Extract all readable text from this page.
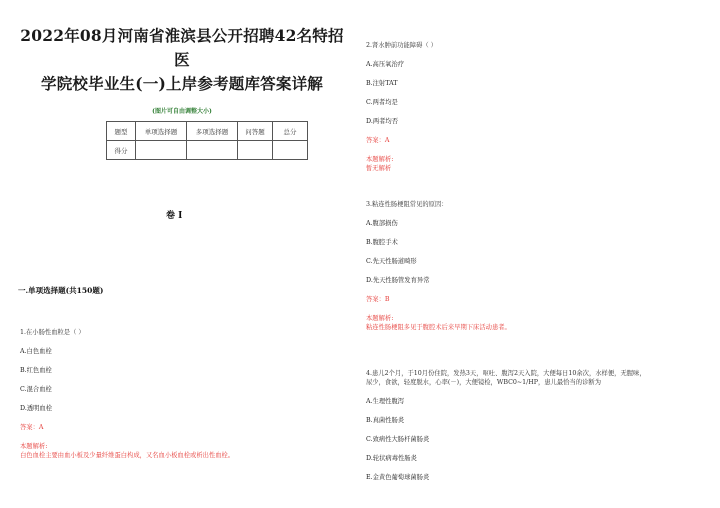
2022年08月河南省淮滨县公开招聘42名特招医
学院校毕业生(一)上岸参考题库答案详解
(图片可自由调整大小)
题型	单项选择题	多项选择题	问答题	总分
得分				
卷 I
一.单项选择题(共150题)

1.在小肠性血粒是（ ）

A.白色血栓

B.红色血栓

C.混合血栓

D.透明血栓

答案：A

本题解析:

白色血栓主要由血小板及少量纤维蛋白构成，又名血小板血栓或析出性血栓。

2.肾水肿前功能障碍（ ）

A.高压氧治疗

B.注射TAT

C.两者均是

D.两者均否

答案：A

本题解析:

暂无解析

3.粘连性肠梗阻常见的原因：

A.腹部损伤

B.腹腔手术

C.先天性肠道畸形

D.先天性肠管发育异常

答案：B

本题解析:

粘连性肠梗阻多见于腹腔术后来早期下床活动患者。

4.患儿2个月，于10月份住院，发热3天，呕吐、腹泻2天入院，大便每日10余次，水样便，无腥味，

尿少，食欲，轻度脱水，心率(－)，大便镜检，WBC0~1/HP，患儿最恰当的诊断为

A.生理性腹泻

B.真菌性肠炎

C.致病性大肠杆菌肠炎

D.轮状病毒性肠炎

E.金黄色葡萄球菌肠炎
